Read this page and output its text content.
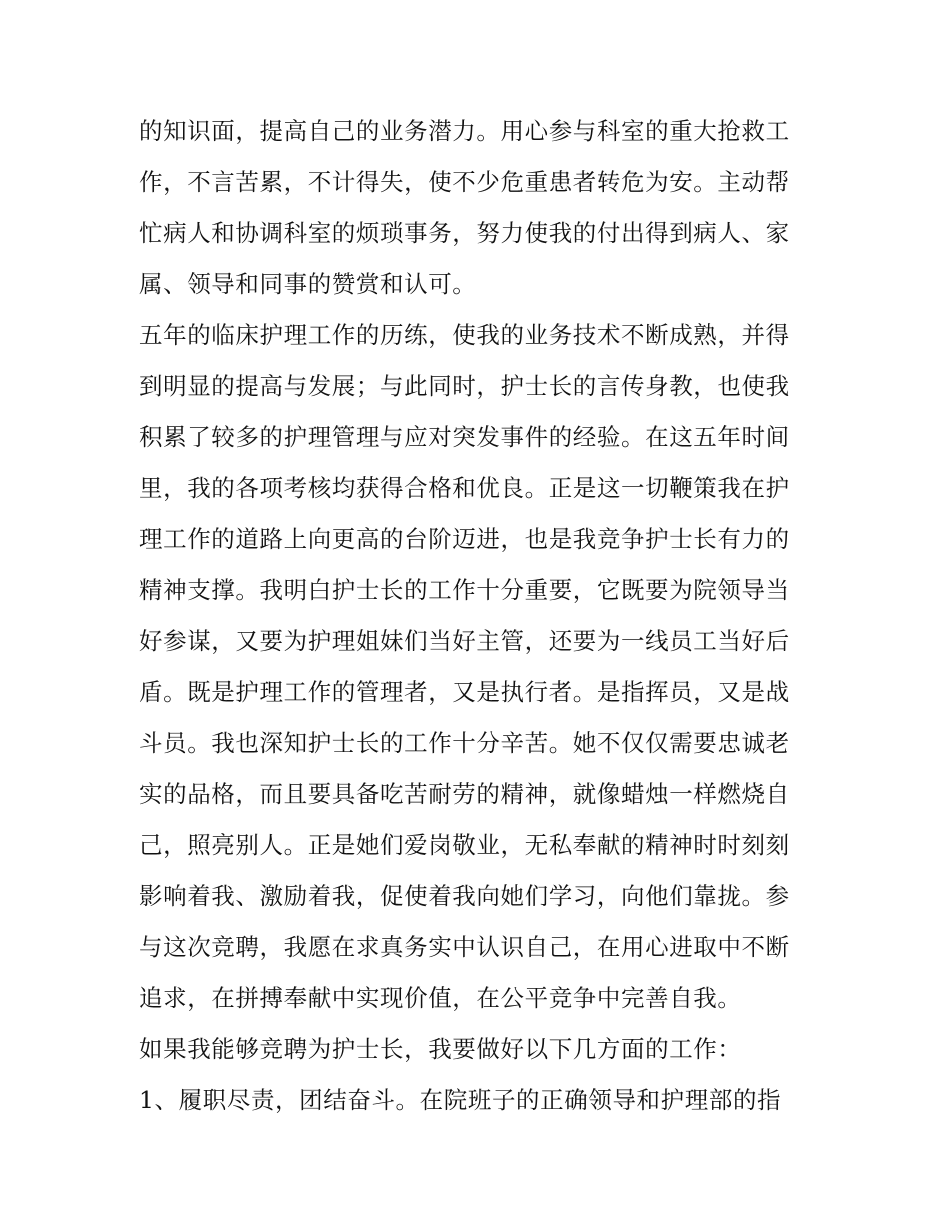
的知识面，提高自己的业务潜力。用心参与科室的重大抢救工
作，不言苦累，不计得失，使不少危重患者转危为安。主动帮
忙病人和协调科室的烦琐事务，努力使我的付出得到病人、家
属、领导和同事的赞赏和认可。
五年的临床护理工作的历练，使我的业务技术不断成熟，并得
到明显的提高与发展；与此同时，护士长的言传身教，也使我
积累了较多的护理管理与应对突发事件的经验。在这五年时间
里，我的各项考核均获得合格和优良。正是这一切鞭策我在护
理工作的道路上向更高的台阶迈进，也是我竞争护士长有力的
精神支撑。我明白护士长的工作十分重要，它既要为院领导当
好参谋，又要为护理姐妹们当好主管，还要为一线员工当好后
盾。既是护理工作的管理者，又是执行者。是指挥员，又是战
斗员。我也深知护士长的工作十分辛苦。她不仅仅需要忠诚老
实的品格，而且要具备吃苦耐劳的精神，就像蜡烛一样燃烧自
己，照亮别人。正是她们爱岗敬业，无私奉献的精神时时刻刻
影响着我、激励着我，促使着我向她们学习，向他们靠拢。参
与这次竞聘，我愿在求真务实中认识自己，在用心进取中不断
追求，在拼搏奉献中实现价值，在公平竞争中完善自我。
如果我能够竞聘为护士长，我要做好以下几方面的工作：
1、履职尽责，团结奋斗。在院班子的正确领导和护理部的指
